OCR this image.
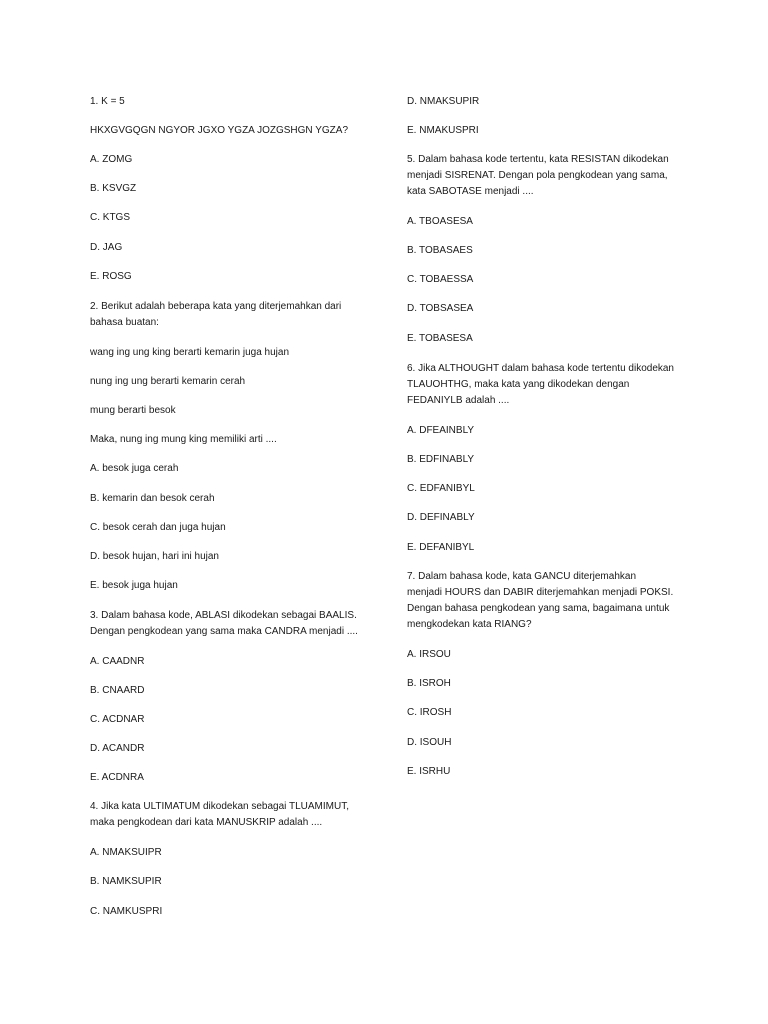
1. K = 5
HKXGVGQGN NGYOR JGXO YGZA JOZGSHGN YGZA?
A. ZOMG
B. KSVGZ
C. KTGS
D. JAG
E. ROSG
2. Berikut adalah beberapa kata yang diterjemahkan dari
bahasa buatan:
wang ing ung king berarti kemarin juga hujan
nung ing ung berarti kemarin cerah
mung berarti besok
Maka, nung ing mung king memiliki arti ....
A. besok juga cerah
B. kemarin dan besok cerah
C. besok cerah dan juga hujan
D. besok hujan, hari ini hujan
E. besok juga hujan
3. Dalam bahasa kode, ABLASI dikodekan sebagai BAALIS.
Dengan pengkodean yang sama maka CANDRA menjadi ....
A. CAADNR
B. CNAARD
C. ACDNAR
D. ACANDR
E. ACDNRA
4. Jika kata ULTIMATUM dikodekan sebagai TLUAMIMUT,
maka pengkodean dari kata MANUSKRIP adalah ....
A. NMAKSUIPR
B. NAMKSUPIR
C. NAMKUSPRI
D. NMAKSUPIR
E. NMAKUSPRI
5. Dalam bahasa kode tertentu, kata RESISTAN dikodekan
menjadi SISRENAT. Dengan pola pengkodean yang sama,
kata SABOTASE menjadi ....
A. TBOASESA
B. TOBASAES
C. TOBAESSA
D. TOBSASEA
E. TOBASESA
6. Jika ALTHOUGHT dalam bahasa kode tertentu dikodekan
TLAUOHTHG, maka kata yang dikodekan dengan
FEDANIYLB adalah ....
A. DFEAINBLY
B. EDFINABLY
C. EDFANIBYL
D. DEFINABLY
E. DEFANIBYL
7. Dalam bahasa kode, kata GANCU diterjemahkan
menjadi HOURS dan DABIR diterjemahkan menjadi POKSI.
Dengan bahasa pengkodean yang sama, bagaimana untuk
mengkodekan kata RIANG?
A. IRSOU
B. ISROH
C. IROSH
D. ISOUH
E. ISRHU
